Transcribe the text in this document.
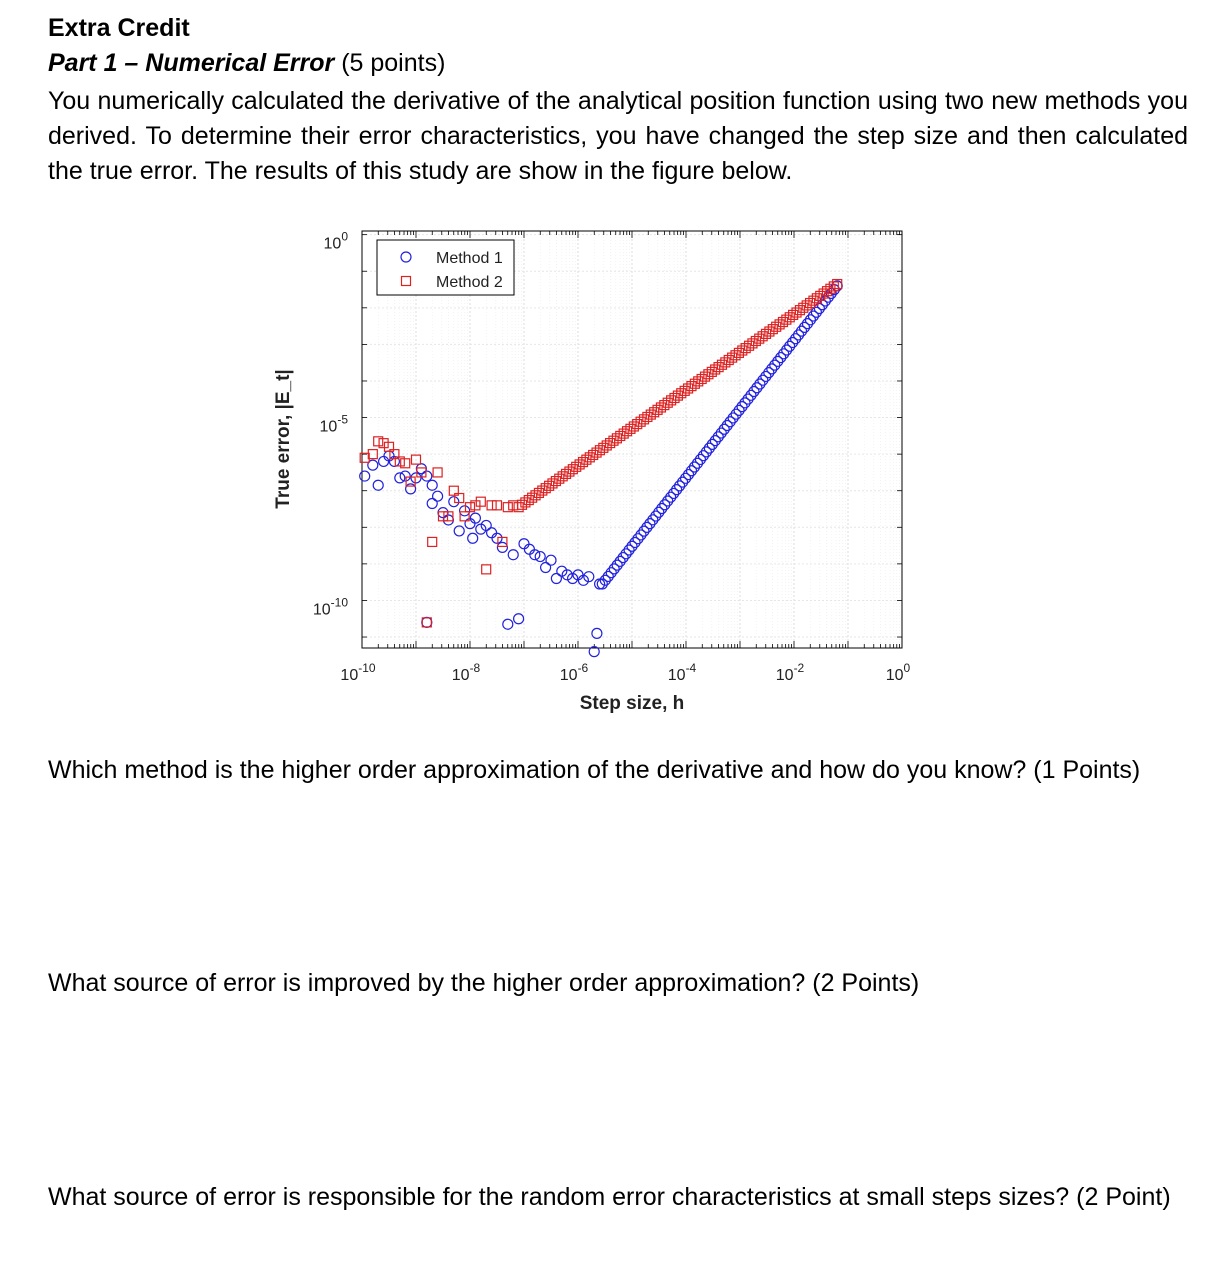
Extra Credit
Part 1 – Numerical Error (5 points)
You numerically calculated the derivative of the analytical position function using two new methods you derived. To determine their error characteristics, you have changed the step size and then calculated the true error. The results of this study are show in the figure below.
$10^{-10}$	$10^{-8}$	$10^{-6}$	$10^{-4}$	$10^{-2}$	$10^0$
$10^0$
$10^{-5}$
$10^{-10}$
Step size, h
True error, |E_t|
Method 1
Method 2
Which method is the higher order approximation of the derivative and how do you know? (1 Points)
What source of error is improved by the higher order approximation? (2 Points)
What source of error is responsible for the random error characteristics at small steps sizes? (2 Point)
